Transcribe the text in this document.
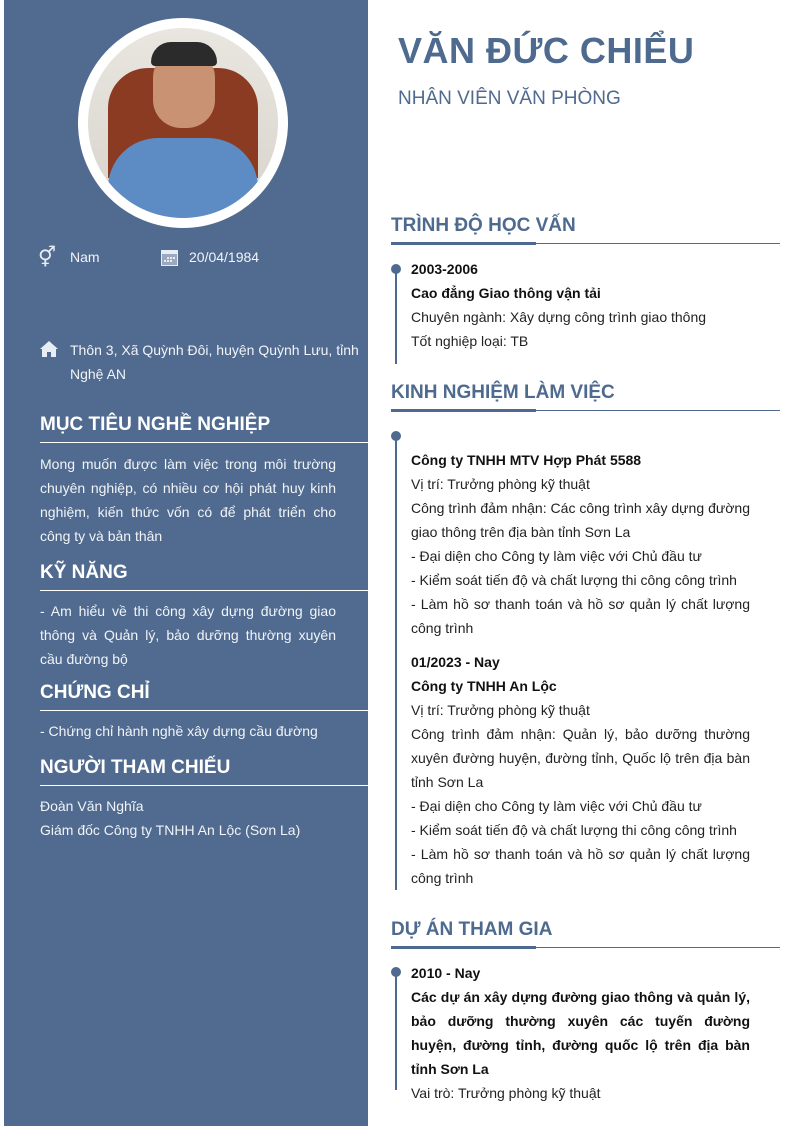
⚥ Nam	20/04/1984
Thôn 3, Xã Quỳnh Đôi, huyện Quỳnh Lưu, tỉnh Nghệ AN
MỤC TIÊU NGHỀ NGHIỆP
Mong muốn được làm việc trong môi trường chuyên nghiệp, có nhiều cơ hội phát huy kinh nghiệm, kiến thức vốn có để phát triển cho công ty và bản thân
KỸ NĂNG
- Am hiểu về thi công xây dựng đường giao thông và Quản lý, bảo dưỡng thường xuyên cầu đường bộ
CHỨNG CHỈ
- Chứng chỉ hành nghề xây dựng cầu đường
NGƯỜI THAM CHIẾU
Đoàn Văn Nghĩa
Giám đốc Công ty TNHH An Lộc (Sơn La)
VĂN ĐỨC CHIỂU
NHÂN VIÊN VĂN PHÒNG
TRÌNH ĐỘ HỌC VẤN
2003-2006
Cao đẳng Giao thông vận tải
Chuyên ngành: Xây dựng công trình giao thông
Tốt nghiệp loại: TB
KINH NGHIỆM LÀM VIỆC
Công ty TNHH MTV Hợp Phát 5588
Vị trí: Trưởng phòng kỹ thuật
Công trình đảm nhận: Các công trình xây dựng đường giao thông trên địa bàn tỉnh Sơn La
- Đại diện cho Công ty làm việc với Chủ đầu tư
- Kiểm soát tiến độ và chất lượng thi công công trình
- Làm hồ sơ thanh toán và hồ sơ quản lý chất lượng công trình
01/2023 - Nay
Công ty TNHH An Lộc
Vị trí: Trưởng phòng kỹ thuật
Công trình đảm nhận: Quản lý, bảo dưỡng thường xuyên đường huyện, đường tỉnh, Quốc lộ trên địa bàn tỉnh Sơn La
- Đại diện cho Công ty làm việc với Chủ đầu tư
- Kiểm soát tiến độ và chất lượng thi công công trình
- Làm hồ sơ thanh toán và hồ sơ quản lý chất lượng công trình
DỰ ÁN THAM GIA
2010 - Nay
Các dự án xây dựng đường giao thông và quản lý, bảo dưỡng thường xuyên các tuyến đường huyện, đường tỉnh, đường quốc lộ trên địa bàn tỉnh Sơn La
Vai trò: Trưởng phòng kỹ thuật
